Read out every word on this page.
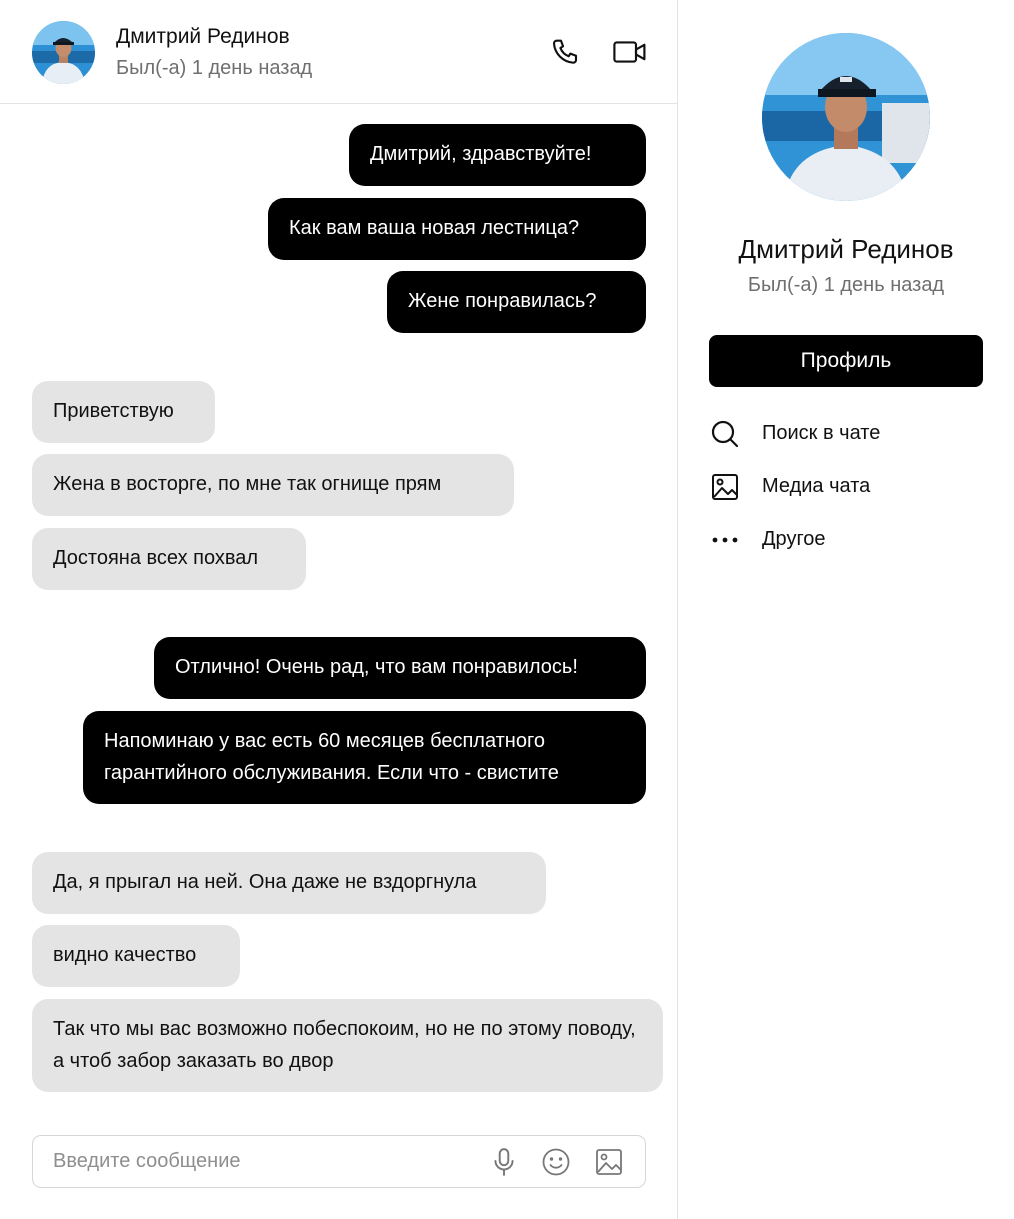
Дмитрий Рединов
Был(-а) 1 день назад
Дмитрий, здравствуйте!
Как вам ваша новая лестница?
Жене понравилась?
Приветствую
Жена в восторге, по мне так огнище прям
Достояна всех похвал
Отлично! Очень рад, что вам понравилось!
Напоминаю у вас есть 60 месяцев бесплатного гарантийного обслуживания. Если что - свистите
Да, я прыгал на ней. Она даже не вздоргнула
видно качество
Так что мы вас возможно побеспокоим, но не по этому поводу, а чтоб забор заказать во двор
Введите сообщение
Дмитрий Рединов
Был(-а) 1 день назад
Профиль
Поиск в чате
Медиа чата
Другое
